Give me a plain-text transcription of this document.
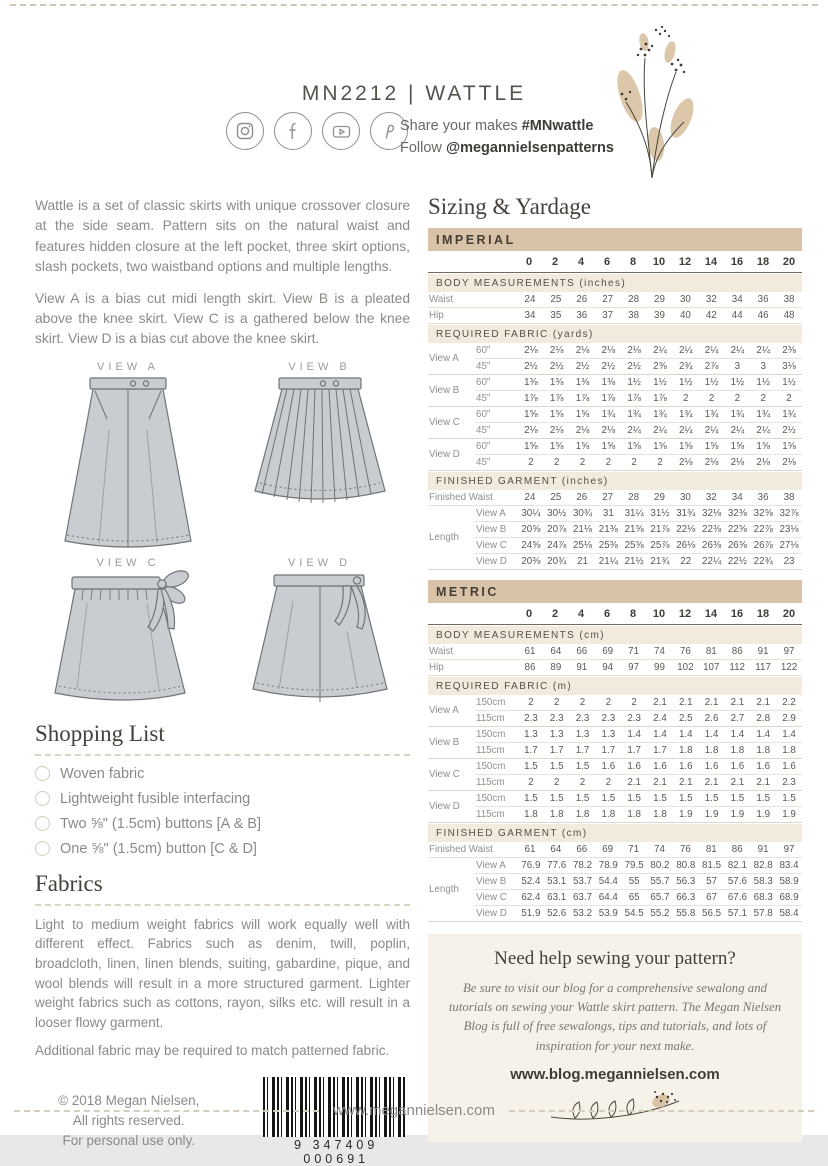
MN2212 | WATTLE
Share your makes #MNwattle
Follow @megannielsenpatterns

Wattle is a set of classic skirts with unique crossover closure at the side seam. Pattern sits on the natural waist and features hidden closure at the left pocket, three skirt options, slash pockets, two waistband options and multiple lengths.

View A is a bias cut midi length skirt. View B is a pleated above the knee skirt. View C is a gathered below the knee skirt. View D is a bias cut above the knee skirt.

VIEW A	VIEW B
VIEW C	VIEW D
Shopping List
Woven fabric
Lightweight fusible interfacing
Two ⅝" (1.5cm) buttons [A & B]
One ⅝" (1.5cm) button [C & D]
Fabrics

Light to medium weight fabrics will work equally well with different effect. Fabrics such as denim, twill, poplin, broadcloth, linen, linen blends, suiting, gabardine, pique, and wool blends will result in a more structured garment. Lighter weight fabrics such as cottons, rayon, silks etc. will result in a looser flowy garment.

Additional fabric may be required to match patterned fabric.

© 2018 Megan Nielsen,
All rights reserved.
For personal use only.	9 347409 000691
Sizing & Yardage
IMPERIAL
0	2	4	6	8	10	12	14	16	18	20
BODY MEASUREMENTS (inches)
Waist	24	25	26	27	28	29	30	32	34	36	38
Hip	34	35	36	37	38	39	40	42	44	46	48
REQUIRED FABRIC (yards)
View A
60"	2⅛	2⅛	2⅛	2⅛	2⅛	2¼	2¼	2¼	2¼	2¼	2⅜
45"	2½	2½	2½	2½	2½	2⅝	2¾	2⅞	3	3	3⅛
View B
60"	1⅜	1⅜	1⅜	1⅜	1½	1½	1½	1½	1½	1½	1½
45"	1⅞	1⅞	1⅞	1⅞	1⅞	1⅞	2	2	2	2	2
View C
60"	1⅝	1⅝	1⅝	1¾	1¾	1¾	1¾	1¾	1¾	1¾	1¾
45"	2⅛	2⅛	2⅛	2⅛	2¼	2¼	2¼	2¼	2¼	2¼	2½
View D
60"	1⅝	1⅝	1⅝	1⅝	1⅝	1⅝	1⅝	1⅝	1⅝	1⅝	1⅝
45"	2	2	2	2	2	2	2⅛	2⅛	2⅛	2⅛	2⅛
FINISHED GARMENT (inches)
Finished Waist	24	25	26	27	28	29	30	32	34	36	38
Length
View A	30¼ 30½ 30¾	31	31¼ 31½ 31¾ 32⅛ 32⅜ 32⅝ 32⅞
View B	20⅝ 20⅞ 21⅛ 21⅜ 21⅝ 21⅞ 22⅛ 22⅜ 22⅝ 22⅞ 23⅛
View C	24⅝ 24⅞ 25⅛ 25⅜ 25⅝ 25⅞ 26⅛ 26⅜ 26⅝ 26⅞ 27⅛
View D	20⅜ 20¾	21	21¼ 21½ 21¾	22	22¼ 22½ 22¾	23
METRIC
0	2	4	6	8	10	12	14	16	18	20
BODY MEASUREMENTS (cm)
Waist	61	64	66	69	71	74	76	81	86	91	97
Hip	86	89	91	94	97	99	102 107	112	117	122
REQUIRED FABRIC (m)
View A
150cm	2	2	2	2	2	2.1	2.1	2.1	2.1	2.1	2.2
115cm	2.3	2.3	2.3	2.3	2.3	2.4	2.5	2.6	2.7	2.8	2.9
View B
150cm	1.3	1.3	1.3	1.3	1.4	1.4	1.4	1.4	1.4	1.4	1.4
115cm	1.7	1.7	1.7	1.7	1.7	1.7	1.8	1.8	1.8	1.8	1.8
View C
150cm	1.5	1.5	1.5	1.6	1.6	1.6	1.6	1.6	1.6	1.6	1.6
115cm	2	2	2	2	2.1	2.1	2.1	2.1	2.1	2.1	2.3
View D
150cm	1.5	1.5	1.5	1.5	1.5	1.5	1.5	1.5	1.5	1.5	1.5
115cm	1.8	1.8	1.8	1.8	1.8	1.8	1.9	1.9	1.9	1.9	1.9
FINISHED GARMENT (cm)
Finished Waist	61	64	66	69	71	74	76	81	86	91	97
Length
View A	76.9 77.6 78.2 78.9 79.5 80.2 80.8 81.5 82.1 82.8 83.4
View B	52.4 53.1 53.7 54.4	55	55.7 56.3	57	57.6 58.3 58.9
View C	62.4 63.1 63.7 64.4	65	65.7 66.3	67	67.6 68.3 68.9
View D	51.9 52.6 53.2 53.9 54.5 55.2 55.8 56.5 57.1 57.8 58.4
Need help sewing your pattern?
Be sure to visit our blog for a comprehensive sewalong and tutorials on sewing your Wattle skirt pattern. The Megan Nielsen Blog is full of free sewalongs, tips and tutorials, and lots of inspiration for your next make.
www.blog.megannielsen.com
www.megannielsen.com
